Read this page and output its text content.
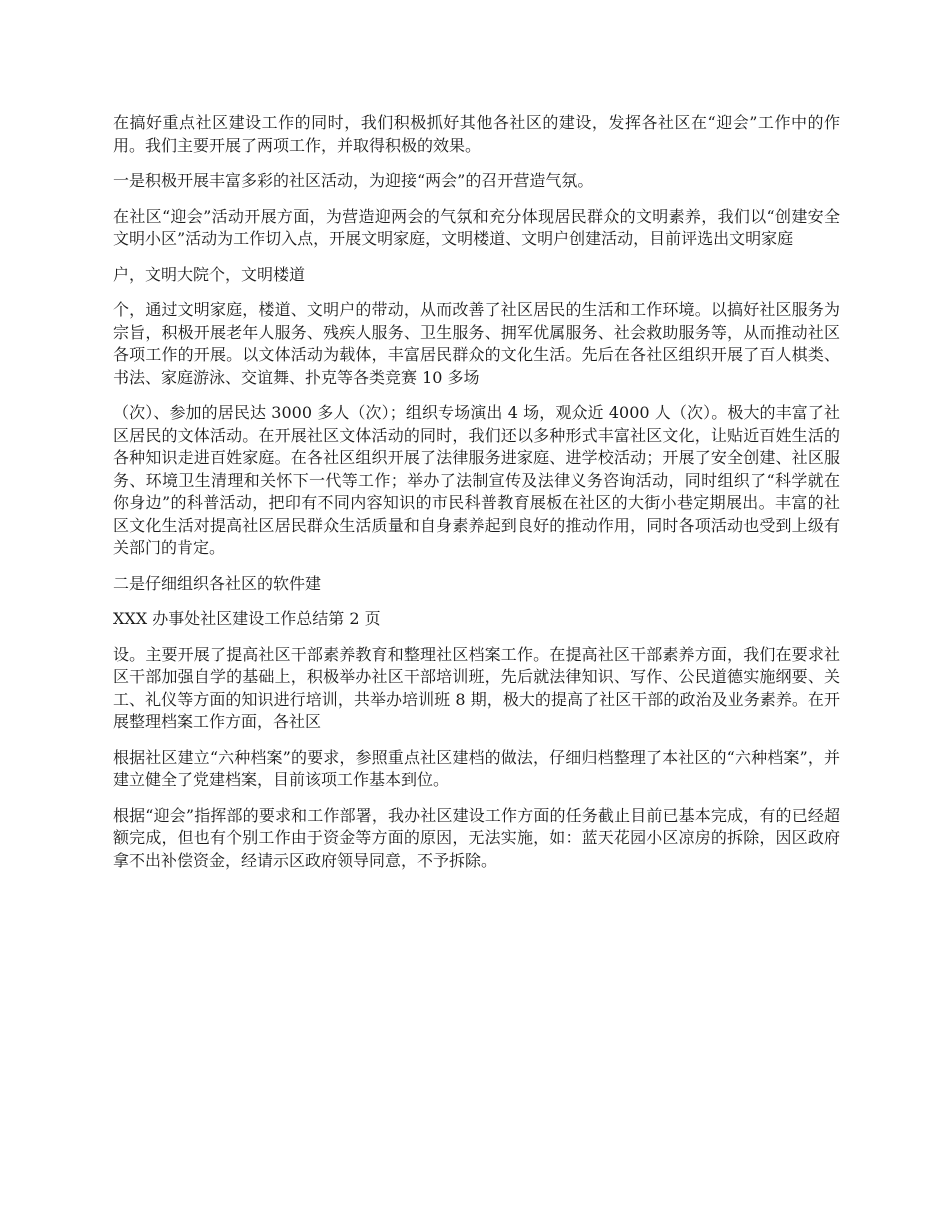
在搞好重点社区建设工作的同时，我们积极抓好其他各社区的建设，发挥各社区在“迎会”工作中的作用。我们主要开展了两项工作，并取得积极的效果。

一是积极开展丰富多彩的社区活动，为迎接“两会”的召开营造气氛。

在社区“迎会”活动开展方面，为营造迎两会的气氛和充分体现居民群众的文明素养，我们以“创建安全文明小区”活动为工作切入点，开展文明家庭，文明楼道、文明户创建活动，目前评选出文明家庭

户，文明大院个，文明楼道

个，通过文明家庭，楼道、文明户的带动，从而改善了社区居民的生活和工作环境。以搞好社区服务为宗旨，积极开展老年人服务、残疾人服务、卫生服务、拥军优属服务、社会救助服务等，从而推动社区各项工作的开展。以文体活动为载体，丰富居民群众的文化生活。先后在各社区组织开展了百人棋类、书法、家庭游泳、交谊舞、扑克等各类竞赛 10 多场

（次）、参加的居民达 3000 多人（次）；组织专场演出 4 场，观众近 4000 人（次）。极大的丰富了社区居民的文体活动。在开展社区文体活动的同时，我们还以多种形式丰富社区文化，让贴近百姓生活的各种知识走进百姓家庭。在各社区组织开展了法律服务进家庭、进学校活动；开展了安全创建、社区服务、环境卫生清理和关怀下一代等工作；举办了法制宣传及法律义务咨询活动，同时组织了“科学就在你身边”的科普活动，把印有不同内容知识的市民科普教育展板在社区的大街小巷定期展出。丰富的社区文化生活对提高社区居民群众生活质量和自身素养起到良好的推动作用，同时各项活动也受到上级有关部门的肯定。

二是仔细组织各社区的软件建

XXX 办事处社区建设工作总结第 2 页

设。主要开展了提高社区干部素养教育和整理社区档案工作。在提高社区干部素养方面，我们在要求社区干部加强自学的基础上，积极举办社区干部培训班，先后就法律知识、写作、公民道德实施纲要、关工、礼仪等方面的知识进行培训，共举办培训班 8 期，极大的提高了社区干部的政治及业务素养。在开展整理档案工作方面，各社区

根据社区建立“六种档案”的要求，参照重点社区建档的做法，仔细归档整理了本社区的“六种档案”，并建立健全了党建档案，目前该项工作基本到位。

根据“迎会”指挥部的要求和工作部署，我办社区建设工作方面的任务截止目前已基本完成，有的已经超额完成，但也有个别工作由于资金等方面的原因，无法实施，如：蓝天花园小区凉房的拆除，因区政府拿不出补偿资金，经请示区政府领导同意，不予拆除。
